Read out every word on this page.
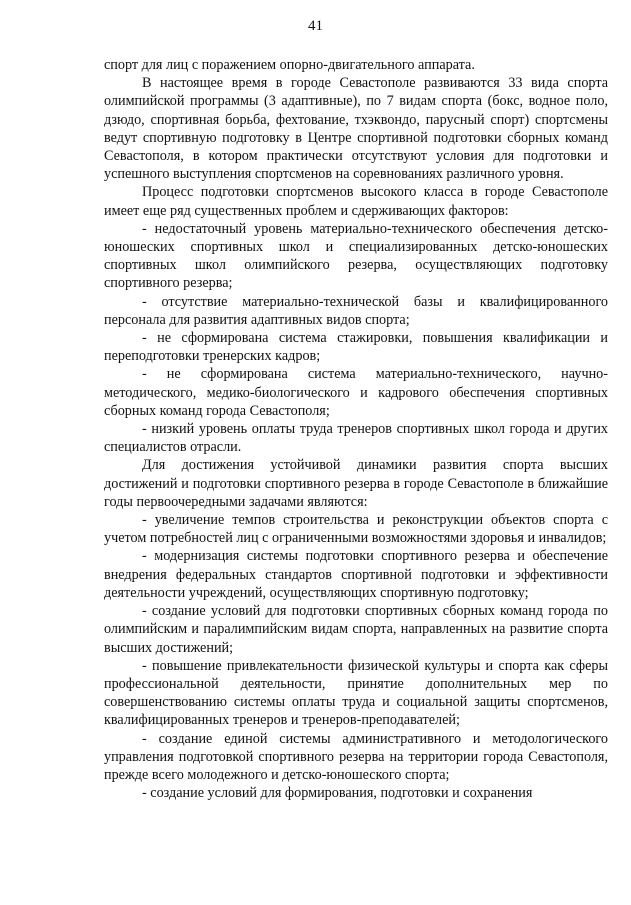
41

спорт для лиц с поражением опорно-двигательного аппарата.

В настоящее время в городе Севастополе развиваются 33 вида спорта олимпийской программы (3 адаптивные), по 7 видам спорта (бокс, водное поло, дзюдо, спортивная борьба, фехтование, тхэквондо, парусный спорт) спортсмены ведут спортивную подготовку в Центре спортивной подготовки сборных команд Севастополя, в котором практически отсутствуют условия для подготовки и успешного выступления спортсменов на соревнованиях различного уровня.

Процесс подготовки спортсменов высокого класса в городе Севастополе имеет еще ряд существенных проблем и сдерживающих факторов:

- недостаточный уровень материально-технического обеспечения детско-юношеских спортивных школ и специализированных детско-юношеских спортивных школ олимпийского резерва, осуществляющих подготовку спортивного резерва;

- отсутствие материально-технической базы и квалифицированного персонала для развития адаптивных видов спорта;

- не сформирована система стажировки, повышения квалификации и переподготовки тренерских кадров;

- не сформирована система материально-технического, научно-методического, медико-биологического и кадрового обеспечения спортивных сборных команд города Севастополя;

- низкий уровень оплаты труда тренеров спортивных школ города и других специалистов отрасли.

Для достижения устойчивой динамики развития спорта высших достижений и подготовки спортивного резерва в городе Севастополе в ближайшие годы первоочередными задачами являются:

- увеличение темпов строительства и реконструкции объектов спорта с учетом потребностей лиц с ограниченными возможностями здоровья и инвалидов;

- модернизация системы подготовки спортивного резерва и обеспечение внедрения федеральных стандартов спортивной подготовки и эффективности деятельности учреждений, осуществляющих спортивную подготовку;

- создание условий для подготовки спортивных сборных команд города по олимпийским и паралимпийским видам спорта, направленных на развитие спорта высших достижений;

- повышение привлекательности физической культуры и спорта как сферы профессиональной деятельности, принятие дополнительных мер по совершенствованию системы оплаты труда и социальной защиты спортсменов, квалифицированных тренеров и тренеров-преподавателей;

- создание единой системы административного и методологического управления подготовкой спортивного резерва на территории города Севастополя, прежде всего молодежного и детско-юношеского спорта;

- создание условий для формирования, подготовки и сохранения
